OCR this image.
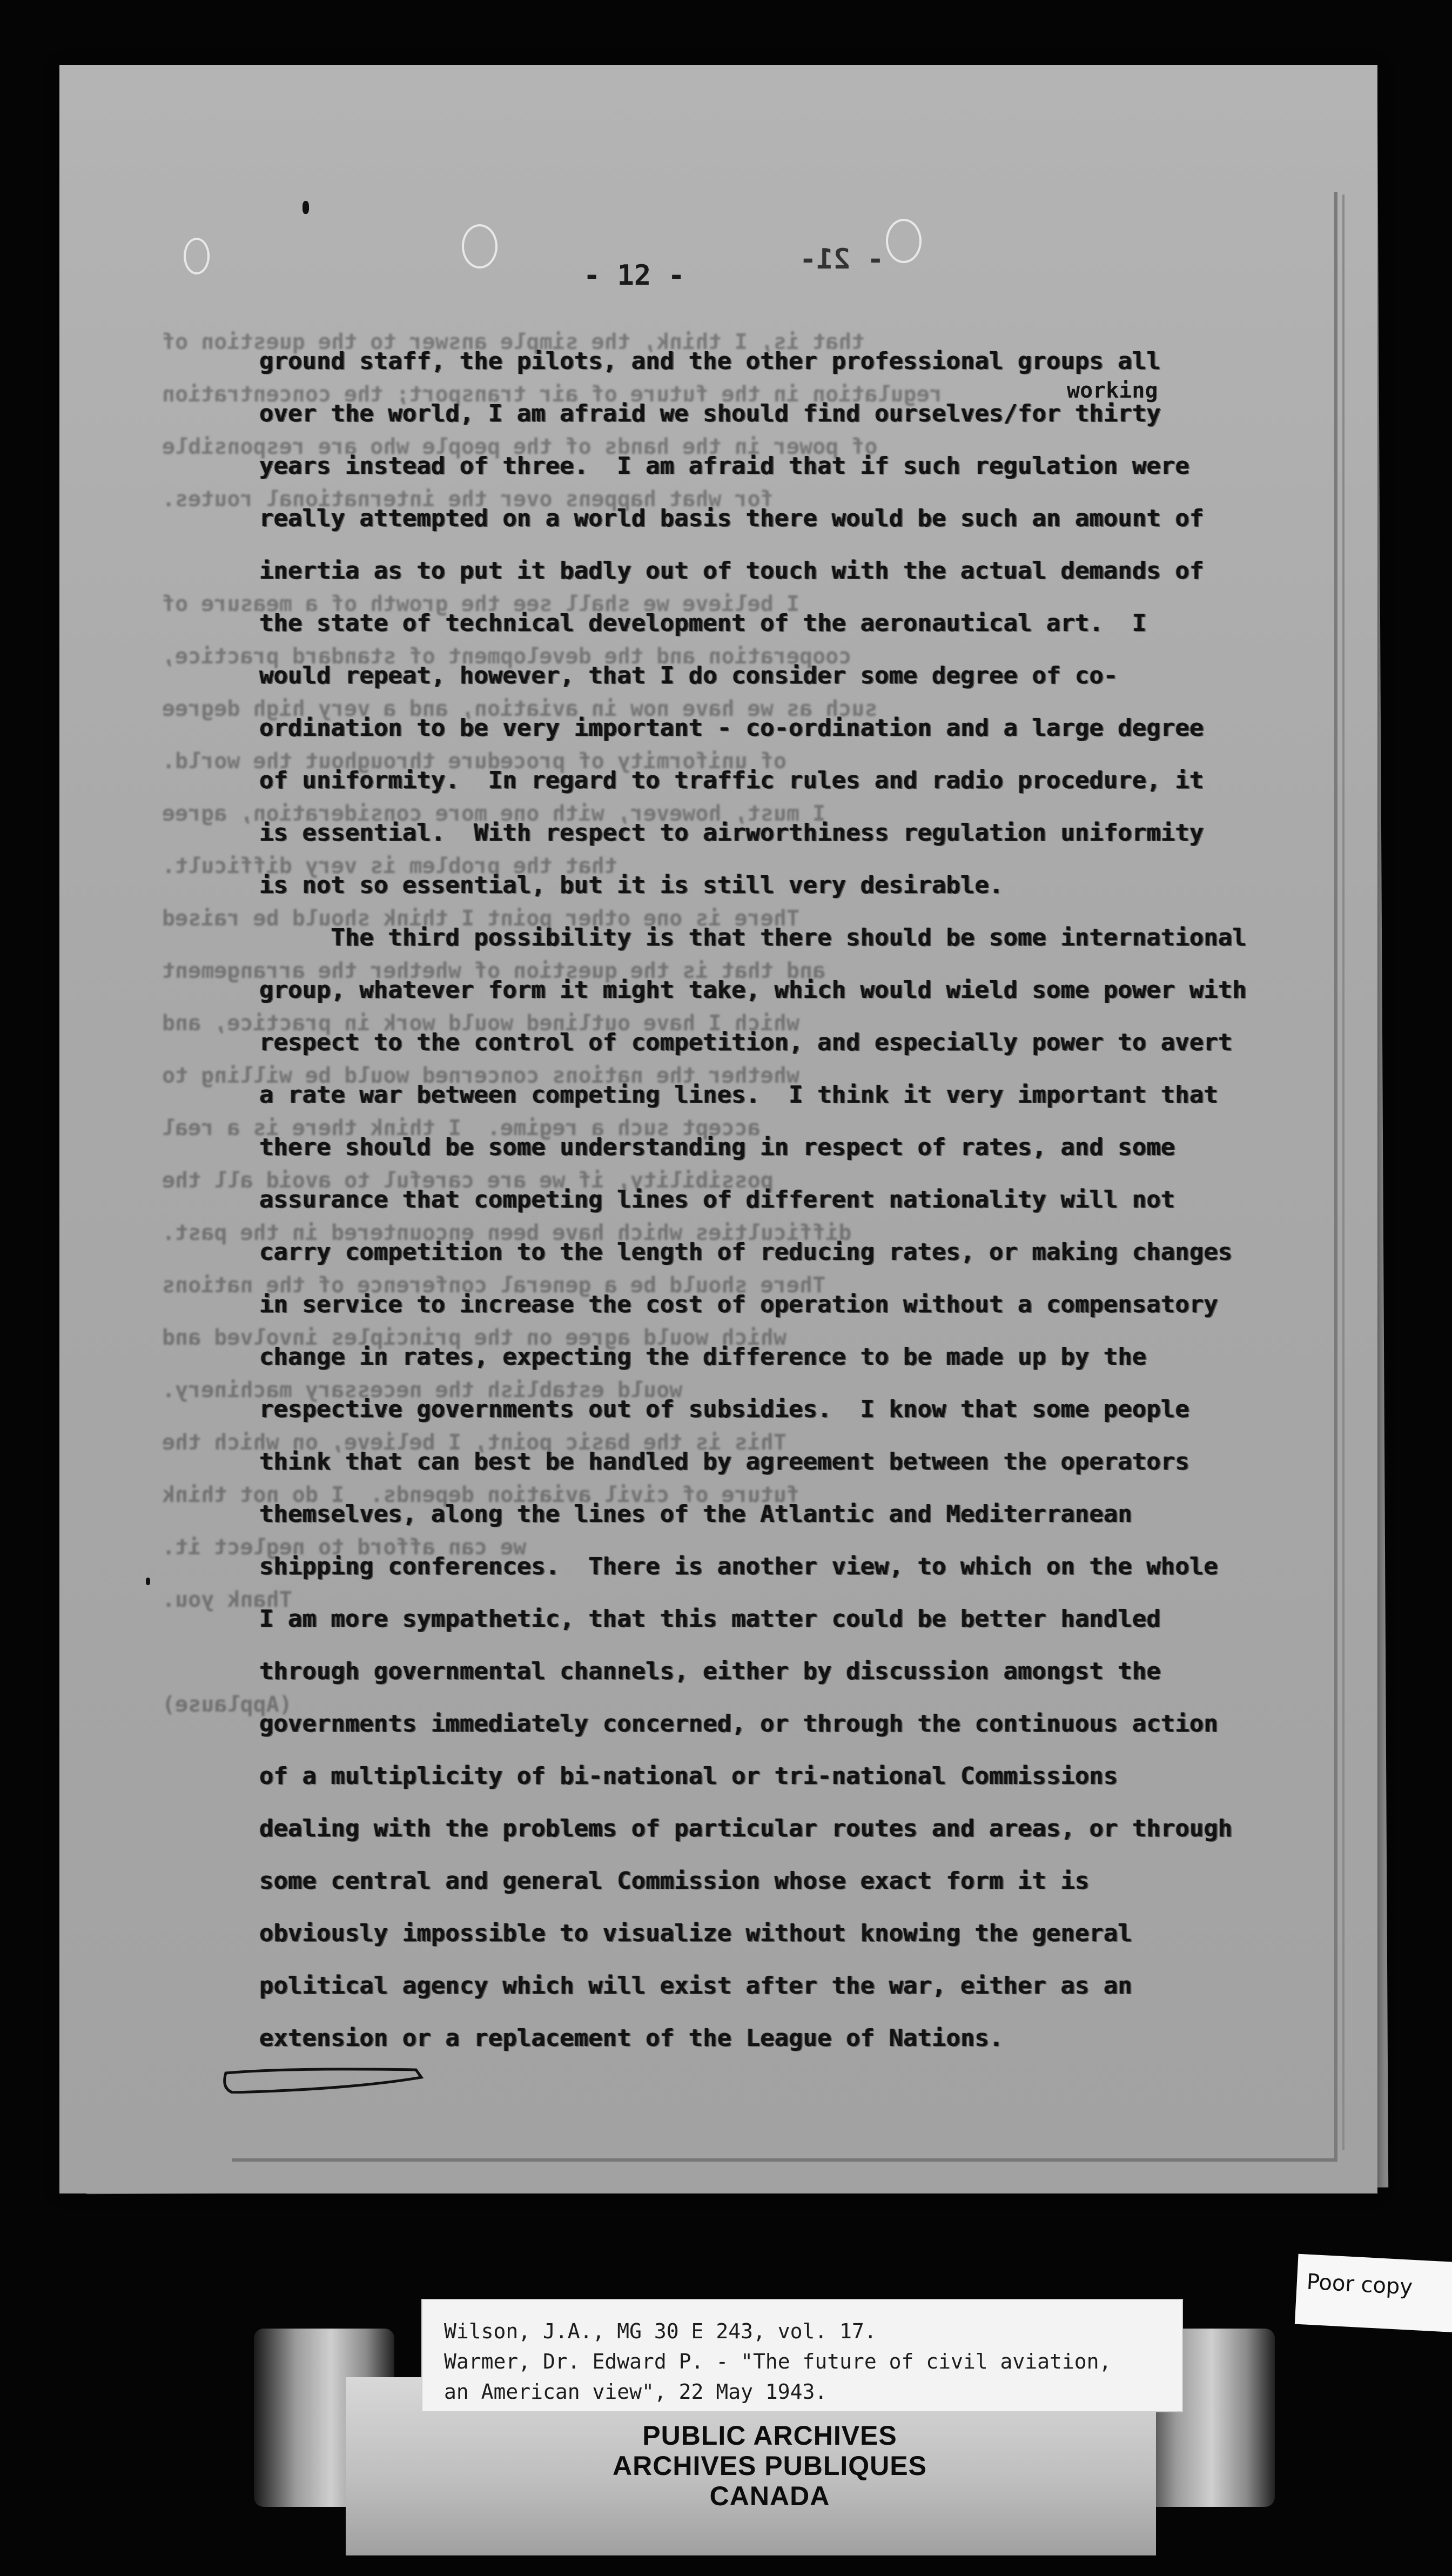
- 12 -	- 21-

that is, I think, the simple answer to the question of

regulation in the future of air transport; the concentration

of power in the hands of the people who are responsible

for what happens over the international routes.

I believe we shall see the growth of a measure of

cooperation and the development of standard practice,

such as we have now in aviation, and a very high degree

of uniformity of procedure throughout the world.

I must, however, with one more consideration, agree

that the problem is very difficult.

There is one other point I think should be raised

and that is the question of whether the arrangement

which I have outlined would work in practice, and

whether the nations concerned would be willing to

accept such a regime.  I think there is a real

possibility, if we are careful to avoid all the

difficulties which have been encountered in the past.

There should be a general conference of the nations

which would agree on the principles involved and

would establish the necessary machinery.

This is the basic point, I believe, on which the

future of civil aviation depends.  I do not think

we can afford to neglect it.

Thank you.

(Applause)

working

ground staff, the pilots, and the other professional groups all

over the world, I am afraid we should find ourselves/for thirty

years instead of three.  I am afraid that if such regulation were

really attempted on a world basis there would be such an amount of

inertia as to put it badly out of touch with the actual demands of

the state of technical development of the aeronautical art.  I

would repeat, however, that I do consider some degree of co-

ordination to be very important - co-ordination and a large degree

of uniformity.  In regard to traffic rules and radio procedure, it

is essential.  With respect to airworthiness regulation uniformity

is not so essential, but it is still very desirable.

The third possibility is that there should be some international

group, whatever form it might take, which would wield some power with

respect to the control of competition, and especially power to avert

a rate war between competing lines.  I think it very important that

there should be some understanding in respect of rates, and some

assurance that competing lines of different nationality will not

carry competition to the length of reducing rates, or making changes

in service to increase the cost of operation without a compensatory

change in rates, expecting the difference to be made up by the

respective governments out of subsidies.  I know that some people

think that can best be handled by agreement between the operators

themselves, along the lines of the Atlantic and Mediterranean

shipping conferences.  There is another view, to which on the whole

I am more sympathetic, that this matter could be better handled

through governmental channels, either by discussion amongst the

governments immediately concerned, or through the continuous action

of a multiplicity of bi-national or tri-national Commissions

dealing with the problems of particular routes and areas, or through

some central and general Commission whose exact form it is

obviously impossible to visualize without knowing the general

political agency which will exist after the war, either as an

extension or a replacement of the League of Nations.

Wilson, J.A., MG 30 E 243, vol. 17.
Warmer, Dr. Edward P. - "The future of civil aviation,
an American view", 22 May 1943.
PUBLIC ARCHIVES
ARCHIVES PUBLIQUES
CANADA
Poor copy
